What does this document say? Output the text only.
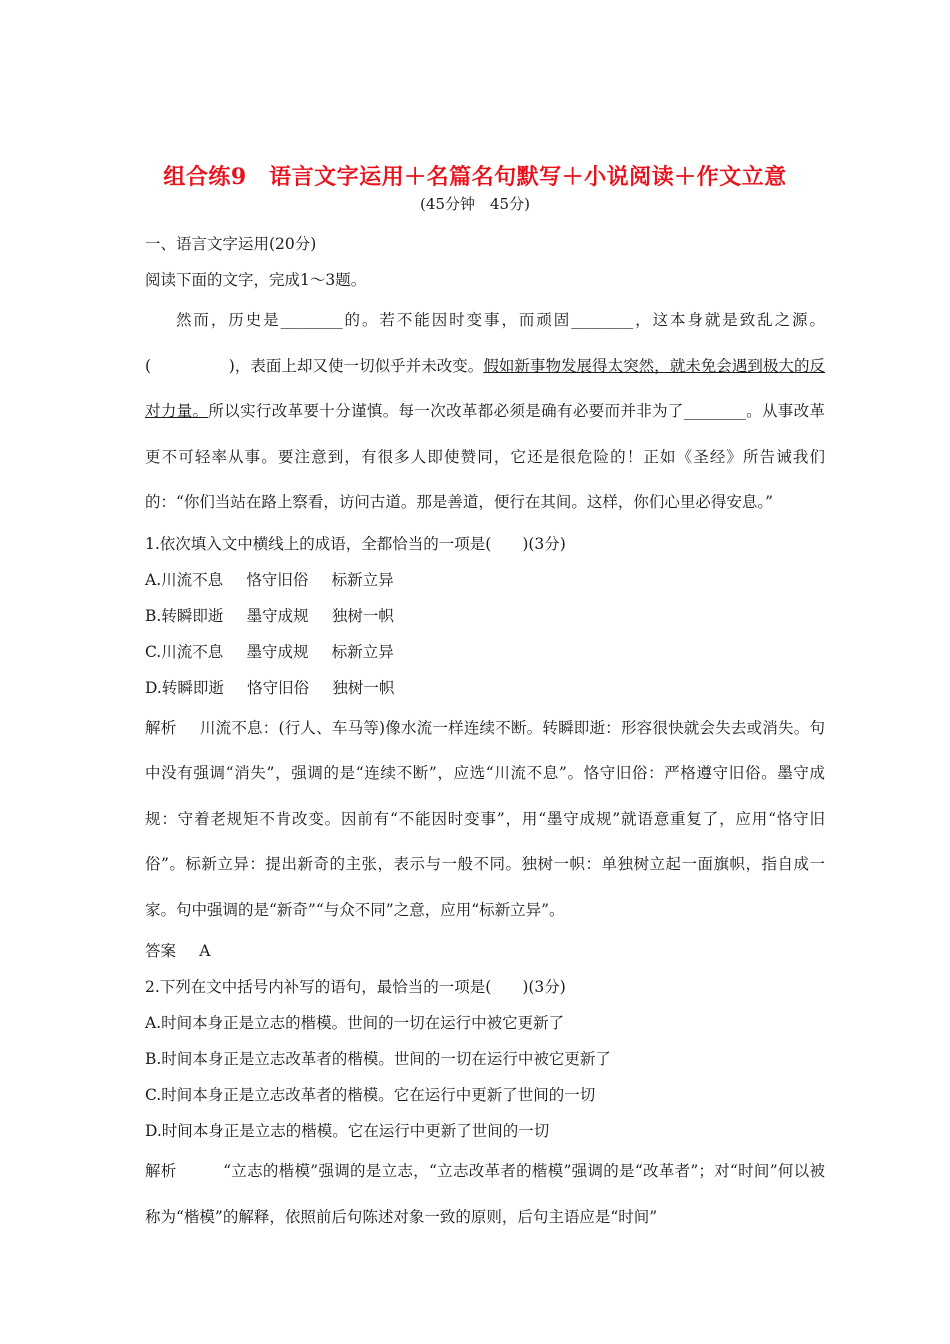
组合练9　语言文字运用＋名篇名句默写＋小说阅读＋作文立意
(45分钟　45分)
一、语言文字运用(20分)
阅读下面的文字，完成1～3题。
然而，历史是________的。若不能因时变事，而顽固________，这本身就是致乱之源。(　　　　　)，表面上却又使一切似乎并未改变。假如新事物发展得太突然，就未免会遇到极大的反对力量。所以实行改革要十分谨慎。每一次改革都必须是确有必要而并非为了________。从事改革更不可轻率从事。要注意到，有很多人即使赞同，它还是很危险的！正如《圣经》所告诫我们的：“你们当站在路上察看，访问古道。那是善道，便行在其间。这样，你们心里必得安息。”
1.依次填入文中横线上的成语，全都恰当的一项是(　　)(3分)
A.川流不息 恪守旧俗 标新立异
B.转瞬即逝 墨守成规 独树一帜
C.川流不息 墨守成规 标新立异
D.转瞬即逝 恪守旧俗 独树一帜
解析 川流不息：(行人、车马等)像水流一样连续不断。转瞬即逝：形容很快就会失去或消失。句中没有强调“消失”，强调的是“连续不断”，应选“川流不息”。恪守旧俗：严格遵守旧俗。墨守成规：守着老规矩不肯改变。因前有“不能因时变事”，用“墨守成规”就语意重复了，应用“恪守旧俗”。标新立异：提出新奇的主张，表示与一般不同。独树一帜：单独树立起一面旗帜，指自成一家。句中强调的是“新奇”“与众不同”之意，应用“标新立异”。
答案 A
2.下列在文中括号内补写的语句，最恰当的一项是(　　)(3分)
A.时间本身正是立志的楷模。世间的一切在运行中被它更新了
B.时间本身正是立志改革者的楷模。世间的一切在运行中被它更新了
C.时间本身正是立志改革者的楷模。它在运行中更新了世间的一切
D.时间本身正是立志的楷模。它在运行中更新了世间的一切
解析	“立志的楷模”强调的是立志，“立志改革者的楷模”强调的是“改革者”；对“时间”何以被称为“楷模”的解释，依照前后句陈述对象一致的原则，后句主语应是“时间”
